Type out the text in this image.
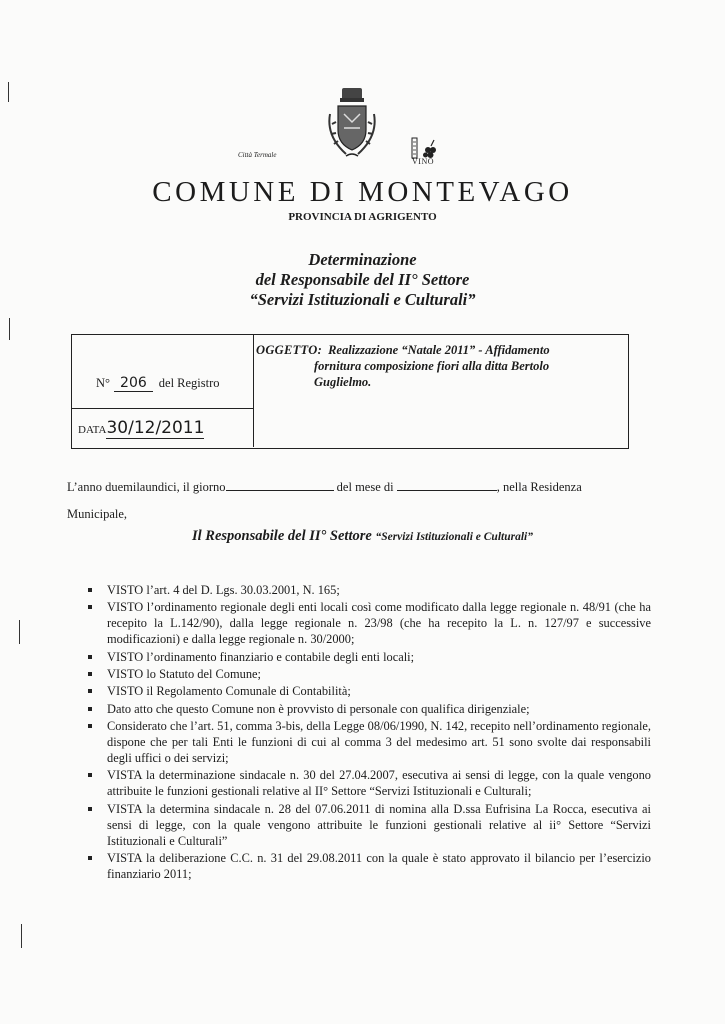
Città Termale
VINO
COMUNE DI MONTEVAGO
PROVINCIA DI AGRIGENTO
Determinazione
del Responsabile del II° Settore
“Servizi Istituzionali e Culturali”
N° 206 del Registro
DATA30/12/2011
OGGETTO: Realizzazione “Natale 2011” - Affidamento
fornitura composizione fiori alla ditta Bertolo
Guglielmo.
L’anno duemilaundici, il giorno	del mese di	, nella Residenza
Municipale,
Il Responsabile del II° Settore “Servizi Istituzionali e Culturali”
VISTO l’art. 4 del D. Lgs. 30.03.2001, N. 165;
VISTO l’ordinamento regionale degli enti locali così come modificato dalla legge regionale n. 48/91 (che ha recepito la L.142/90), dalla legge regionale n. 23/98 (che ha recepito la L. n. 127/97 e successive modificazioni) e dalla legge regionale n. 30/2000;
VISTO l’ordinamento finanziario e contabile degli enti locali;
VISTO lo Statuto del Comune;
VISTO il Regolamento Comunale di Contabilità;
Dato atto che questo Comune non è provvisto di personale con qualifica dirigenziale;
Considerato che l’art. 51, comma 3-bis, della Legge 08/06/1990, N. 142, recepito nell’ordinamento regionale, dispone che per tali Enti le funzioni di cui al comma 3 del medesimo art. 51 sono svolte dai responsabili degli uffici o dei servizi;
VISTA la determinazione sindacale n. 30 del 27.04.2007, esecutiva ai sensi di legge, con la quale vengono attribuite le funzioni gestionali relative al II° Settore “Servizi Istituzionali e Culturali;
VISTA la determina sindacale n. 28 del 07.06.2011 di nomina alla D.ssa Eufrisina La Rocca, esecutiva ai sensi di legge, con la quale vengono attribuite le funzioni gestionali relative al ii° Settore “Servizi Istituzionali e Culturali”
VISTA la deliberazione C.C. n. 31 del 29.08.2011 con la quale è stato approvato il bilancio per l’esercizio finanziario 2011;
